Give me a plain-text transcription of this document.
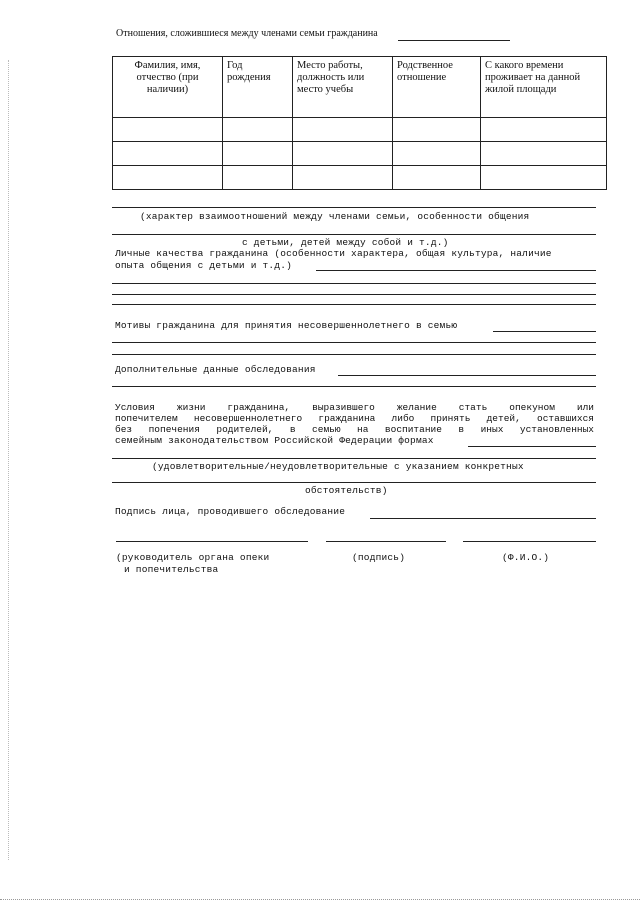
Отношения, сложившиеся между членами семьи гражданина
Фамилия, имя, отчество (при наличии)	Год рождения	Место работы, должность или место учебы	Родственное отношение	С какого времени проживает на данной жилой площади

(характер взаимоотношений между членами семьи, особенности общения
с детьми, детей между собой и т.д.)
Личные качества гражданина (особенности характера, общая культура, наличие
опыта общения с детьми и т.д.)
Мотивы гражданина для принятия несовершеннолетнего в семью
Дополнительные данные обследования
Условия жизни гражданина, выразившего желание стать опекуном или
попечителем несовершеннолетнего гражданина либо принять детей, оставшихся
без попечения родителей, в семью на воспитание в иных установленных
семейным законодательством Российской Федерации формах
(удовлетворительные/неудовлетворительные с указанием конкретных
обстоятельств)
Подпись лица, проводившего обследование
(руководитель органа опеки
и попечительства
(подпись)	(Ф.И.О.)
